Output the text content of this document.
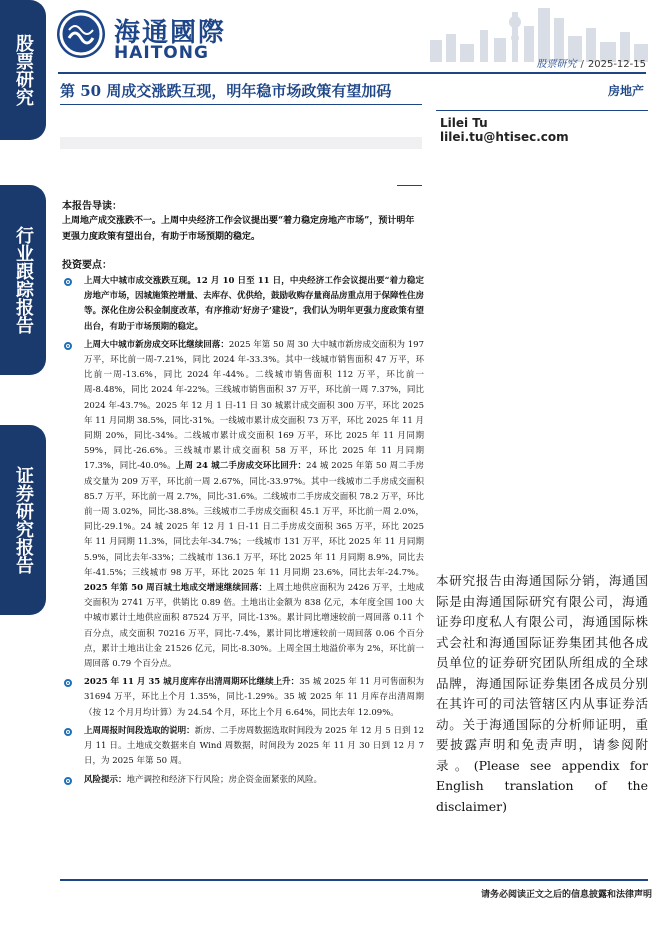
股票研究
行业跟踪报告
证券研究报告
海通國際
HAITONG
股票研究 / 2025-12-15
第 50 周成交涨跌互现，明年稳市场政策有望加码	房地产
Lilei Tu
lilei.tu@htisec.com
本报告导读：
上周地产成交涨跌不一。上周中央经济工作会议提出要“着力稳定房地产市场”，预计明年更强力度政策有望出台，有助于市场预期的稳定。
投资要点：
上周大中城市成交涨跌互现。12 月 10 日至 11 日，中央经济工作会议提出要“着力稳定房地产市场，因城施策控增量、去库存、优供给，鼓励收购存量商品房重点用于保障性住房等。深化住房公积金制度改革，有序推动‘好房子’建设”，我们认为明年更强力度政策有望出台，有助于市场预期的稳定。
上周大中城市新房成交环比继续回落：2025 年第 50 周 30 大中城市新房成交面积为 197 万平，环比前一周-7.21%，同比 2024 年-33.3%。其中一线城市销售面积 47 万平，环比前一周-13.6%，同比 2024 年-44%。二线城市销售面积 112 万平，环比前一周-8.48%，同比 2024 年-22%。三线城市销售面积 37 万平，环比前一周 7.37%，同比 2024 年-43.7%。2025 年 12 月 1 日-11 日 30 城累计成交面积 300 万平，环比 2025 年 11 月同期 38.5%，同比-31%。一线城市累计成交面积 73 万平，环比 2025 年 11 月同期 20%，同比-34%。二线城市累计成交面积 169 万平，环比 2025 年 11 月同期 59%，同比-26.6%。三线城市累计成交面积 58 万平，环比 2025 年 11 月同期 17.3%，同比-40.0%。上周 24 城二手房成交环比回升：24 城 2025 年第 50 周二手房成交量为 209 万平，环比前一周 2.67%，同比-33.97%。其中一线城市二手房成交面积 85.7 万平，环比前一周 2.7%，同比-31.6%。二线城市二手房成交面积 78.2 万平，环比前一周 3.02%，同比-38.8%。三线城市二手房成交面积 45.1 万平，环比前一周 2.0%，同比-29.1%。24 城 2025 年 12 月 1 日-11 日二手房成交面积 365 万平，环比 2025 年 11 月同期 11.3%，同比去年-34.7%；一线城市 131 万平，环比 2025 年 11 月同期 5.9%，同比去年-33%；二线城市 136.1 万平，环比 2025 年 11 月同期 8.9%，同比去年-41.5%；三线城市 98 万平，环比 2025 年 11 月同期 23.6%，同比去年-24.7%。2025 年第 50 周百城土地成交增速继续回落：上周土地供应面积为 2426 万平，土地成交面积为 2741 万平，供销比 0.89 倍。土地出让金额为 838 亿元，本年度全国 100 大中城市累计土地供应面积 87524 万平，同比-13%。累计同比增速较前一周回落 0.11 个百分点，成交面积 70216 万平，同比-7.4%，累计同比增速较前一周回落 0.06 个百分点，累计土地出让金 21526 亿元，同比-8.30%。上周全国土地溢价率为 2%，环比前一周回落 0.79 个百分点。
2025 年 11 月 35 城月度库存出清周期环比继续上升：35 城 2025 年 11 月可售面积为 31694 万平，环比上个月 1.35%，同比-1.29%。35 城 2025 年 11 月库存出清周期（按 12 个月月均计算）为 24.54 个月，环比上个月 6.64%，同比去年 12.09%。
上周周报时间段选取的说明：新房、二手房周数据选取时间段为 2025 年 12 月 5 日到 12 月 11 日。土地成交数据来自 Wind 周数据，时间段为 2025 年 11 月 30 日到 12 月 7 日，为 2025 年第 50 周。
风险提示：地产调控和经济下行风险；房企资金面紧张的风险。
本研究报告由海通国际分销，海通国际是由海通国际研究有限公司，海通证券印度私人有限公司，海通国际株式会社和海通国际证券集团其他各成员单位的证券研究团队所组成的全球品牌，海通国际证券集团各成员分别在其许可的司法管辖区内从事证券活动。关于海通国际的分析师证明，重要披露声明和免责声明，请参阅附录。(Please see appendix for English translation of the disclaimer)
请务必阅读正文之后的信息披露和法律声明
